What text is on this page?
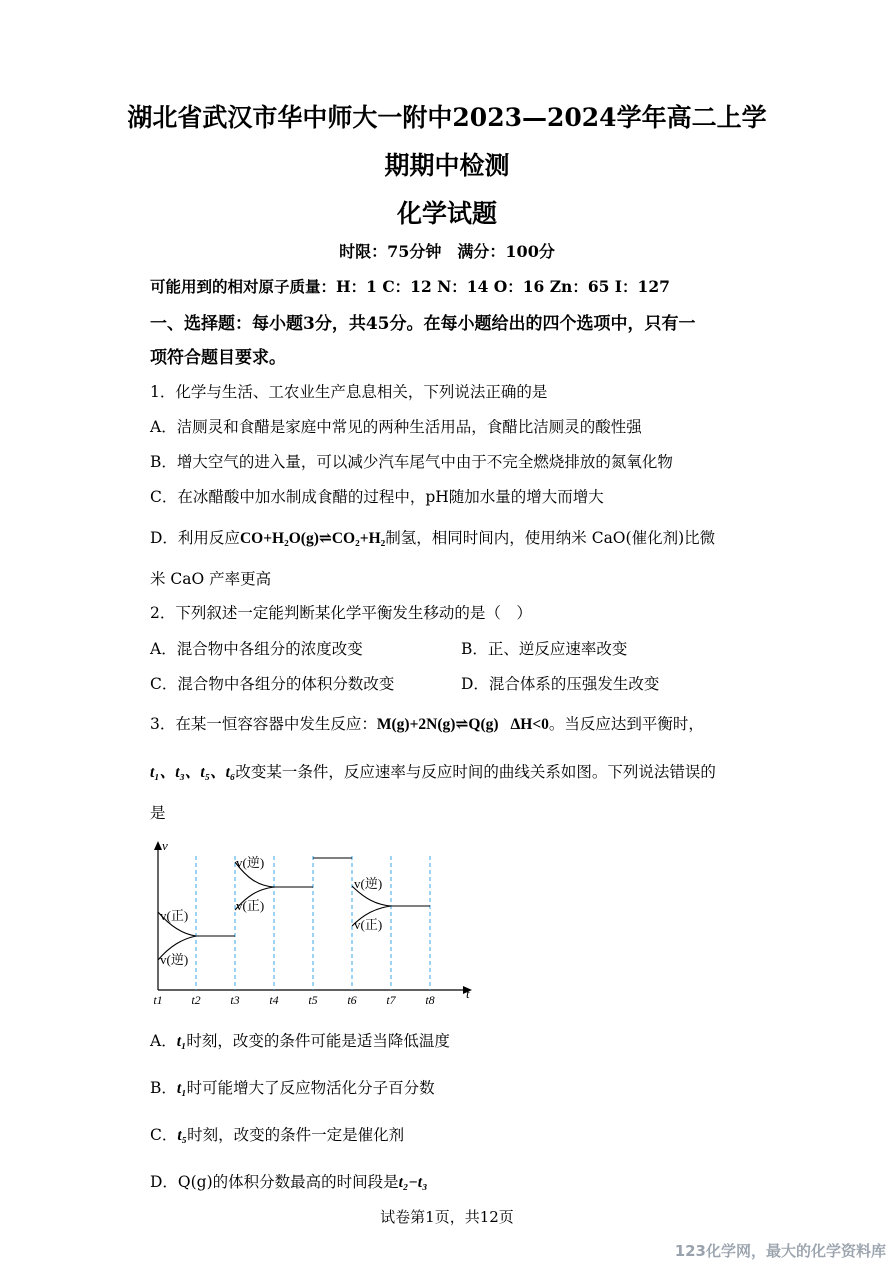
湖北省武汉市华中师大一附中2023—2024学年高二上学
期期中检测
化学试题
时限：75分钟　满分：100分
可能用到的相对原子质量：H：1 C：12 N：14 O：16 Zn：65 I：127
一、选择题：每小题3分，共45分。在每小题给出的四个选项中，只有一
项符合题目要求。
1．化学与生活、工农业生产息息相关，下列说法正确的是
A．洁厕灵和食醋是家庭中常见的两种生活用品，食醋比洁厕灵的酸性强
B．增大空气的进入量，可以减少汽车尾气中由于不完全燃烧排放的氮氧化物
C．在冰醋酸中加水制成食醋的过程中，pH随加水量的增大而增大
D．利用反应CO+H₂O(g)⇌CO₂+H₂制氢，相同时间内，使用纳米 CaO(催化剂)比微
米 CaO 产率更高
2．下列叙述一定能判断某化学平衡发生移动的是（　）
A．混合物中各组分的浓度改变	B．正、逆反应速率改变
C．混合物中各组分的体积分数改变	D．混合体系的压强发生改变
3．在某一恒容容器中发生反应：M(g)+2N(g)⇌Q(g) ΔH<0。当反应达到平衡时，
t₁、t₃、t₅、t₆改变某一条件，反应速率与反应时间的曲线关系如图。下列说法错误的
是
v
t
v(正)
v(逆)
v(逆)
v(正)
v(逆)
v(正)
t1 t2 t3 t4 t5 t6 t7 t8
A．t₁时刻，改变的条件可能是适当降低温度
B．t₁时可能增大了反应物活化分子百分数
C．t₅时刻，改变的条件一定是催化剂
D．Q(g)的体积分数最高的时间段是t₂−t₃
试卷第1页，共12页
123化学网，最大的化学资料库
